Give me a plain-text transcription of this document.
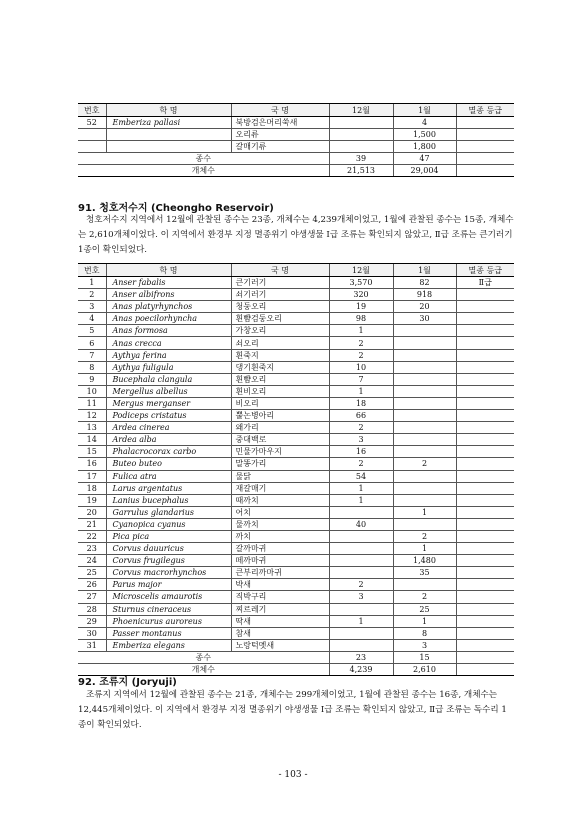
번호	학 명	국 명	12월	1월	멸종 등급
52	Emberiza pallasi	북방검은머리쑥새		4	
		오리류		1,500	
		갈매기류		1,800	
종수			39	47	
개체수			21,513	29,004	
91. 청호저수지 (Cheongho Reservoir)

청호저수지 지역에서 12월에 관찰된 종수는 23종, 개체수는 4,239개체이었고, 1월에 관찰된 종수는 15종, 개체수는 2,610개체이었다. 이 지역에서 환경부 지정 멸종위기 야생생물 Ⅰ급 조류는 확인되지 않았고, Ⅱ급 조류는 큰기러기 1종이 확인되었다.

번호	학 명	국 명	12월	1월	멸종 등급
1	Anser fabalis	큰기러기	3,570	82	Ⅱ급
2	Anser albifrons	쇠기러기	320	918	
3	Anas platyrhynchos	청둥오리	19	20	
4	Anas poecilorhyncha	흰뺨검둥오리	98	30	
5	Anas formosa	가창오리	1		
6	Anas crecca	쇠오리	2		
7	Aythya ferina	흰죽지	2		
8	Aythya fuligula	댕기흰죽지	10		
9	Bucephala clangula	흰뺨오리	7		
10	Mergellus albellus	흰비오리	1		
11	Mergus merganser	비오리	18		
12	Podiceps cristatus	뿔논병아리	66		
13	Ardea cinerea	왜가리	2		
14	Ardea alba	중대백로	3		
15	Phalacrocorax carbo	민물가마우지	16		
16	Buteo buteo	말똥가리	2	2	
17	Fulica atra	물닭	54		
18	Larus argentatus	재갈매기	1		
19	Lanius bucephalus	때까치	1		
20	Garrulus glandarius	어치		1	
21	Cyanopica cyanus	물까치	40		
22	Pica pica	까치		2	
23	Corvus dauuricus	갈까마귀		1	
24	Corvus frugilegus	떼까마귀		1,480	
25	Corvus macrorhynchos	큰부리까마귀		35	
26	Parus major	박새	2		
27	Microscelis amaurotis	직박구리	3	2	
28	Sturnus cineraceus	찌르레기		25	
29	Phoenicurus auroreus	딱새	1	1	
30	Passer montanus	참새		8	
31	Emberiza elegans	노랑턱멧새		3	
종수			23	15	
개체수			4,239	2,610	
92. 조류지 (Joryuji)

조류지 지역에서 12월에 관찰된 종수는 21종, 개체수는 299개체이었고, 1월에 관찰된 종수는 16종, 개체수는 12,445개체이었다. 이 지역에서 환경부 지정 멸종위기 야생생물 Ⅰ급 조류는 확인되지 않았고, Ⅱ급 조류는 독수리 1종이 확인되었다.

- 103 -
